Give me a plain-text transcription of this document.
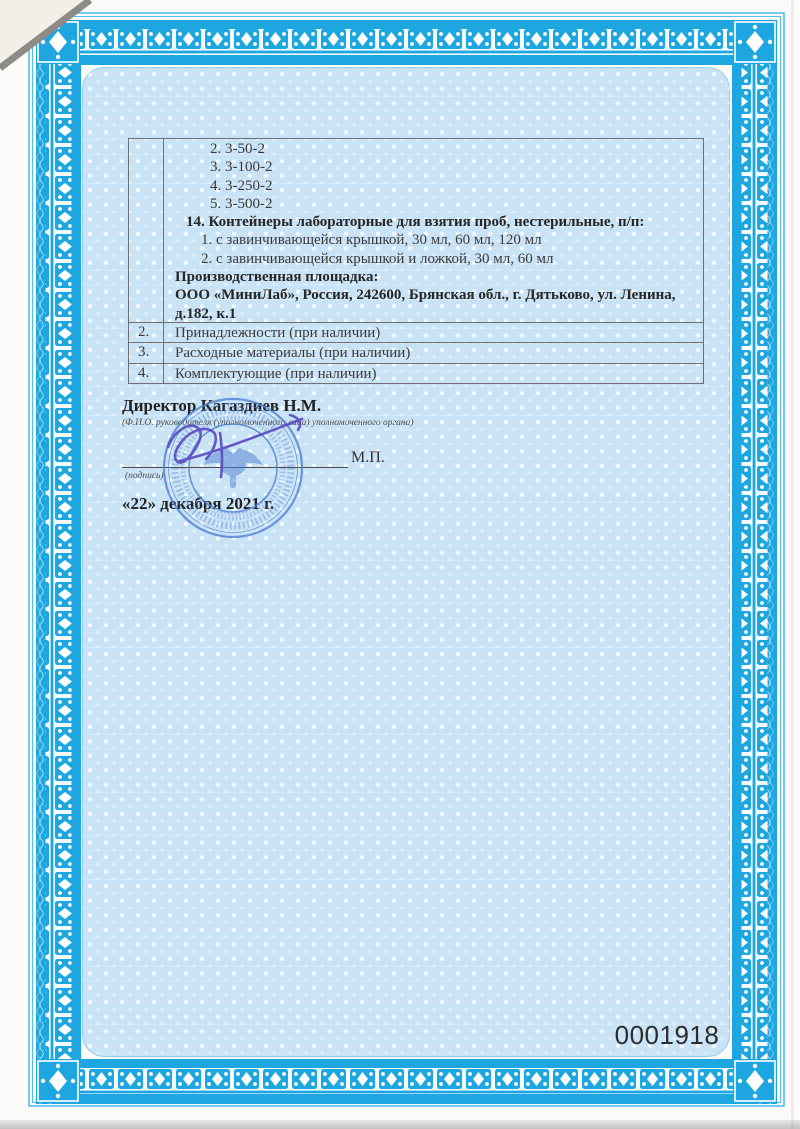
2. 3-50-2
3. 3-100-2
4. 3-250-2
5. 3-500-2
14. Контейнеры лабораторные для взятия проб, нестерильные, п/п:
1. с завинчивающейся крышкой, 30 мл, 60 мл, 120 мл
2. с завинчивающейся крышкой и ложкой, 30 мл, 60 мл
Производственная площадка:
ООО «МиниЛаб», Россия, 242600, Брянская обл., г. Дятьково, ул. Ленина,
д.182, к.1
2.	Принадлежности (при наличии)
3.	Расходные материалы (при наличии)
4.	Комплектующие (при наличии)
Директор Кагаздиев Н.М.
(Ф.И.О. руководителя (уполномоченного лица) уполномоченного органа)
М.П.
(подпись)
«22» декабря 2021 г.
0001918
